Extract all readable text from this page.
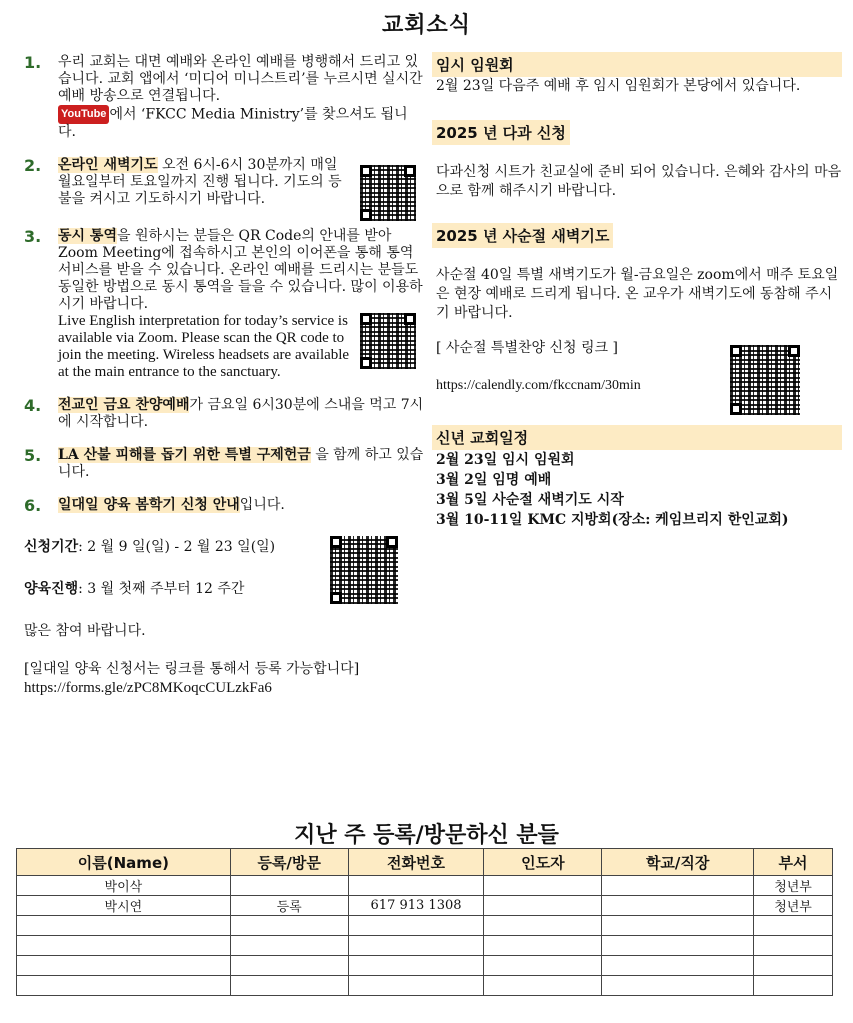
교회소식
1.	우리 교회는 대면 예배와 온라인 예배를 병행해서 드리고 있습니다. 교회 앱에서 ‘미디어 미니스트리’를 누르시면 실시간 예배 방송으로 연결됩니다.
YouTube 에서 ‘FKCC Media Ministry’를 찾으셔도 됩니다.
2.	온라인 새벽기도 오전 6시-6시 30분까지 매일 월요일부터 토요일까지 진행 됩니다. 기도의 등불을 켜시고 기도하시기 바랍니다.
3.	동시 통역을 원하시는 분들은 QR Code의 안내를 받아 Zoom Meeting에 접속하시고 본인의 이어폰을 통해 통역 서비스를 받을 수 있습니다. 온라인 예배를 드리시는 분들도 동일한 방법으로 동시 통역을 들을 수 있습니다. 많이 이용하시기 바랍니다.
Live English interpretation for today’s service is available via Zoom. Please scan the QR code to join the meeting. Wireless headsets are available at the main entrance to the sanctuary.
4.	전교인 금요 찬양예배가 금요일 6시30분에 스내을 먹고 7시에 시작합니다.
5.	LA 산불 피해를 돕기 위한 특별 구제헌금 을 함께 하고 있습니다.
6.	일대일 양육 봄학기 신청 안내입니다.
신청기간: 2 월 9 일(일) - 2 월 23 일(일)
양육진행: 3 월 첫째 주부터 12 주간
많은 참여 바랍니다.
[일대일 양육 신청서는 링크를 통해서 등록 가능합니다]
https://forms.gle/zPC8MKoqcCULzkFa6
임시 임원회
2월 23일 다음주 예배 후 임시 임원회가 본당에서 있습니다.
2025 년 다과 신청
다과신청 시트가 친교실에 준비 되어 있습니다. 은혜와 감사의 마음으로 함께 해주시기 바랍니다.
2025 년 사순절 새벽기도
사순절 40일 특별 새벽기도가 월-금요일은 zoom에서 매주 토요일은 현장 예배로 드리게 됩니다. 온 교우가 새벽기도에 동참해 주시기 바랍니다.
[ 사순절 특별찬양 신청 링크 ]
https://calendly.com/fkccnam/30min
신년 교회일정
2월 23일 임시 임원회
3월 2일 임명 예배
3월 5일 사순절 새벽기도 시작
3월 10-11일 KMC 지방회(장소: 케임브리지 한인교회)
지난 주 등록/방문하신 분들
이름(Name)	등록/방문	전화번호	인도자	학교/직장	부서
박이삭					청년부
박시연	등록	617 913 1308			청년부
